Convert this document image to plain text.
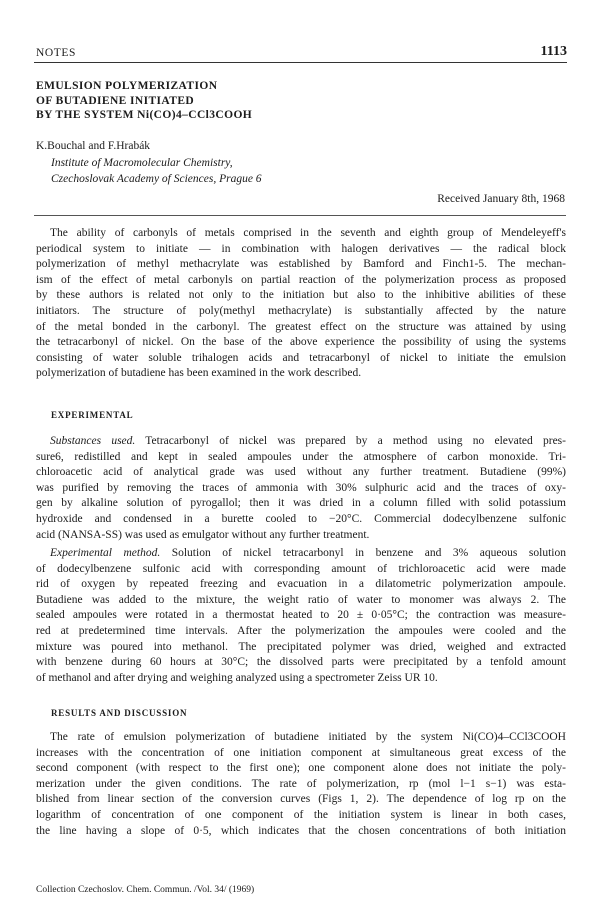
NOTES	1113
EMULSION POLYMERIZATION
OF BUTADIENE INITIATED
BY THE SYSTEM Ni(CO)4–CCl3COOH
K.Bouchal and F.Hrabák
Institute of Macromolecular Chemistry,
Czechoslovak Academy of Sciences, Prague 6
Received January 8th, 1968

The ability of carbonyls of metals comprised in the seventh and eighth group of Mendeleyeff's

periodical system to initiate — in combination with halogen derivatives — the radical block

polymerization of methyl methacrylate was established by Bamford and Finch1-5. The mechan-

ism of the effect of metal carbonyls on partial reaction of the polymerization process as proposed

by these authors is related not only to the initiation but also to the inhibitive abilities of these

initiators. The structure of poly(methyl methacrylate) is substantially affected by the nature

of the metal bonded in the carbonyl. The greatest effect on the structure was attained by using

the tetracarbonyl of nickel. On the base of the above experience the possibility of using the systems

consisting of water soluble trihalogen acids and tetracarbonyl of nickel to initiate the emulsion

polymerization of butadiene has been examined in the work described.

EXPERIMENTAL

Substances used. Tetracarbonyl of nickel was prepared by a method using no elevated pres-

sure6, redistilled and kept in sealed ampoules under the atmosphere of carbon monoxide. Tri-

chloroacetic acid of analytical grade was used without any further treatment. Butadiene (99%)

was purified by removing the traces of ammonia with 30% sulphuric acid and the traces of oxy-

gen by alkaline solution of pyrogallol; then it was dried in a column filled with solid potassium

hydroxide and condensed in a burette cooled to −20°C. Commercial dodecylbenzene sulfonic

acid (NANSA-SS) was used as emulgator without any further treatment.

Experimental method. Solution of nickel tetracarbonyl in benzene and 3% aqueous solution

of dodecylbenzene sulfonic acid with corresponding amount of trichloroacetic acid were made

rid of oxygen by repeated freezing and evacuation in a dilatometric polymerization ampoule.

Butadiene was added to the mixture, the weight ratio of water to monomer was always 2. The

sealed ampoules were rotated in a thermostat heated to 20 ± 0·05°C; the contraction was measure-

red at predetermined time intervals. After the polymerization the ampoules were cooled and the

mixture was poured into methanol. The precipitated polymer was dried, weighed and extracted

with benzene during 60 hours at 30°C; the dissolved parts were precipitated by a tenfold amount

of methanol and after drying and weighing analyzed using a spectrometer Zeiss UR 10.

RESULTS AND DISCUSSION

The rate of emulsion polymerization of butadiene initiated by the system Ni(CO)4–CCl3COOH

increases with the concentration of one initiation component at simultaneous great excess of the

second component (with respect to the first one); one component alone does not initiate the poly-

merization under the given conditions. The rate of polymerization, rp (mol l−1 s−1) was esta-

blished from linear section of the conversion curves (Figs 1, 2). The dependence of log rp on the

logarithm of concentration of one component of the initiation system is linear in both cases,

the line having a slope of 0·5, which indicates that the chosen concentrations of both initiation

Collection Czechoslov. Chem. Commun. /Vol. 34/ (1969)
